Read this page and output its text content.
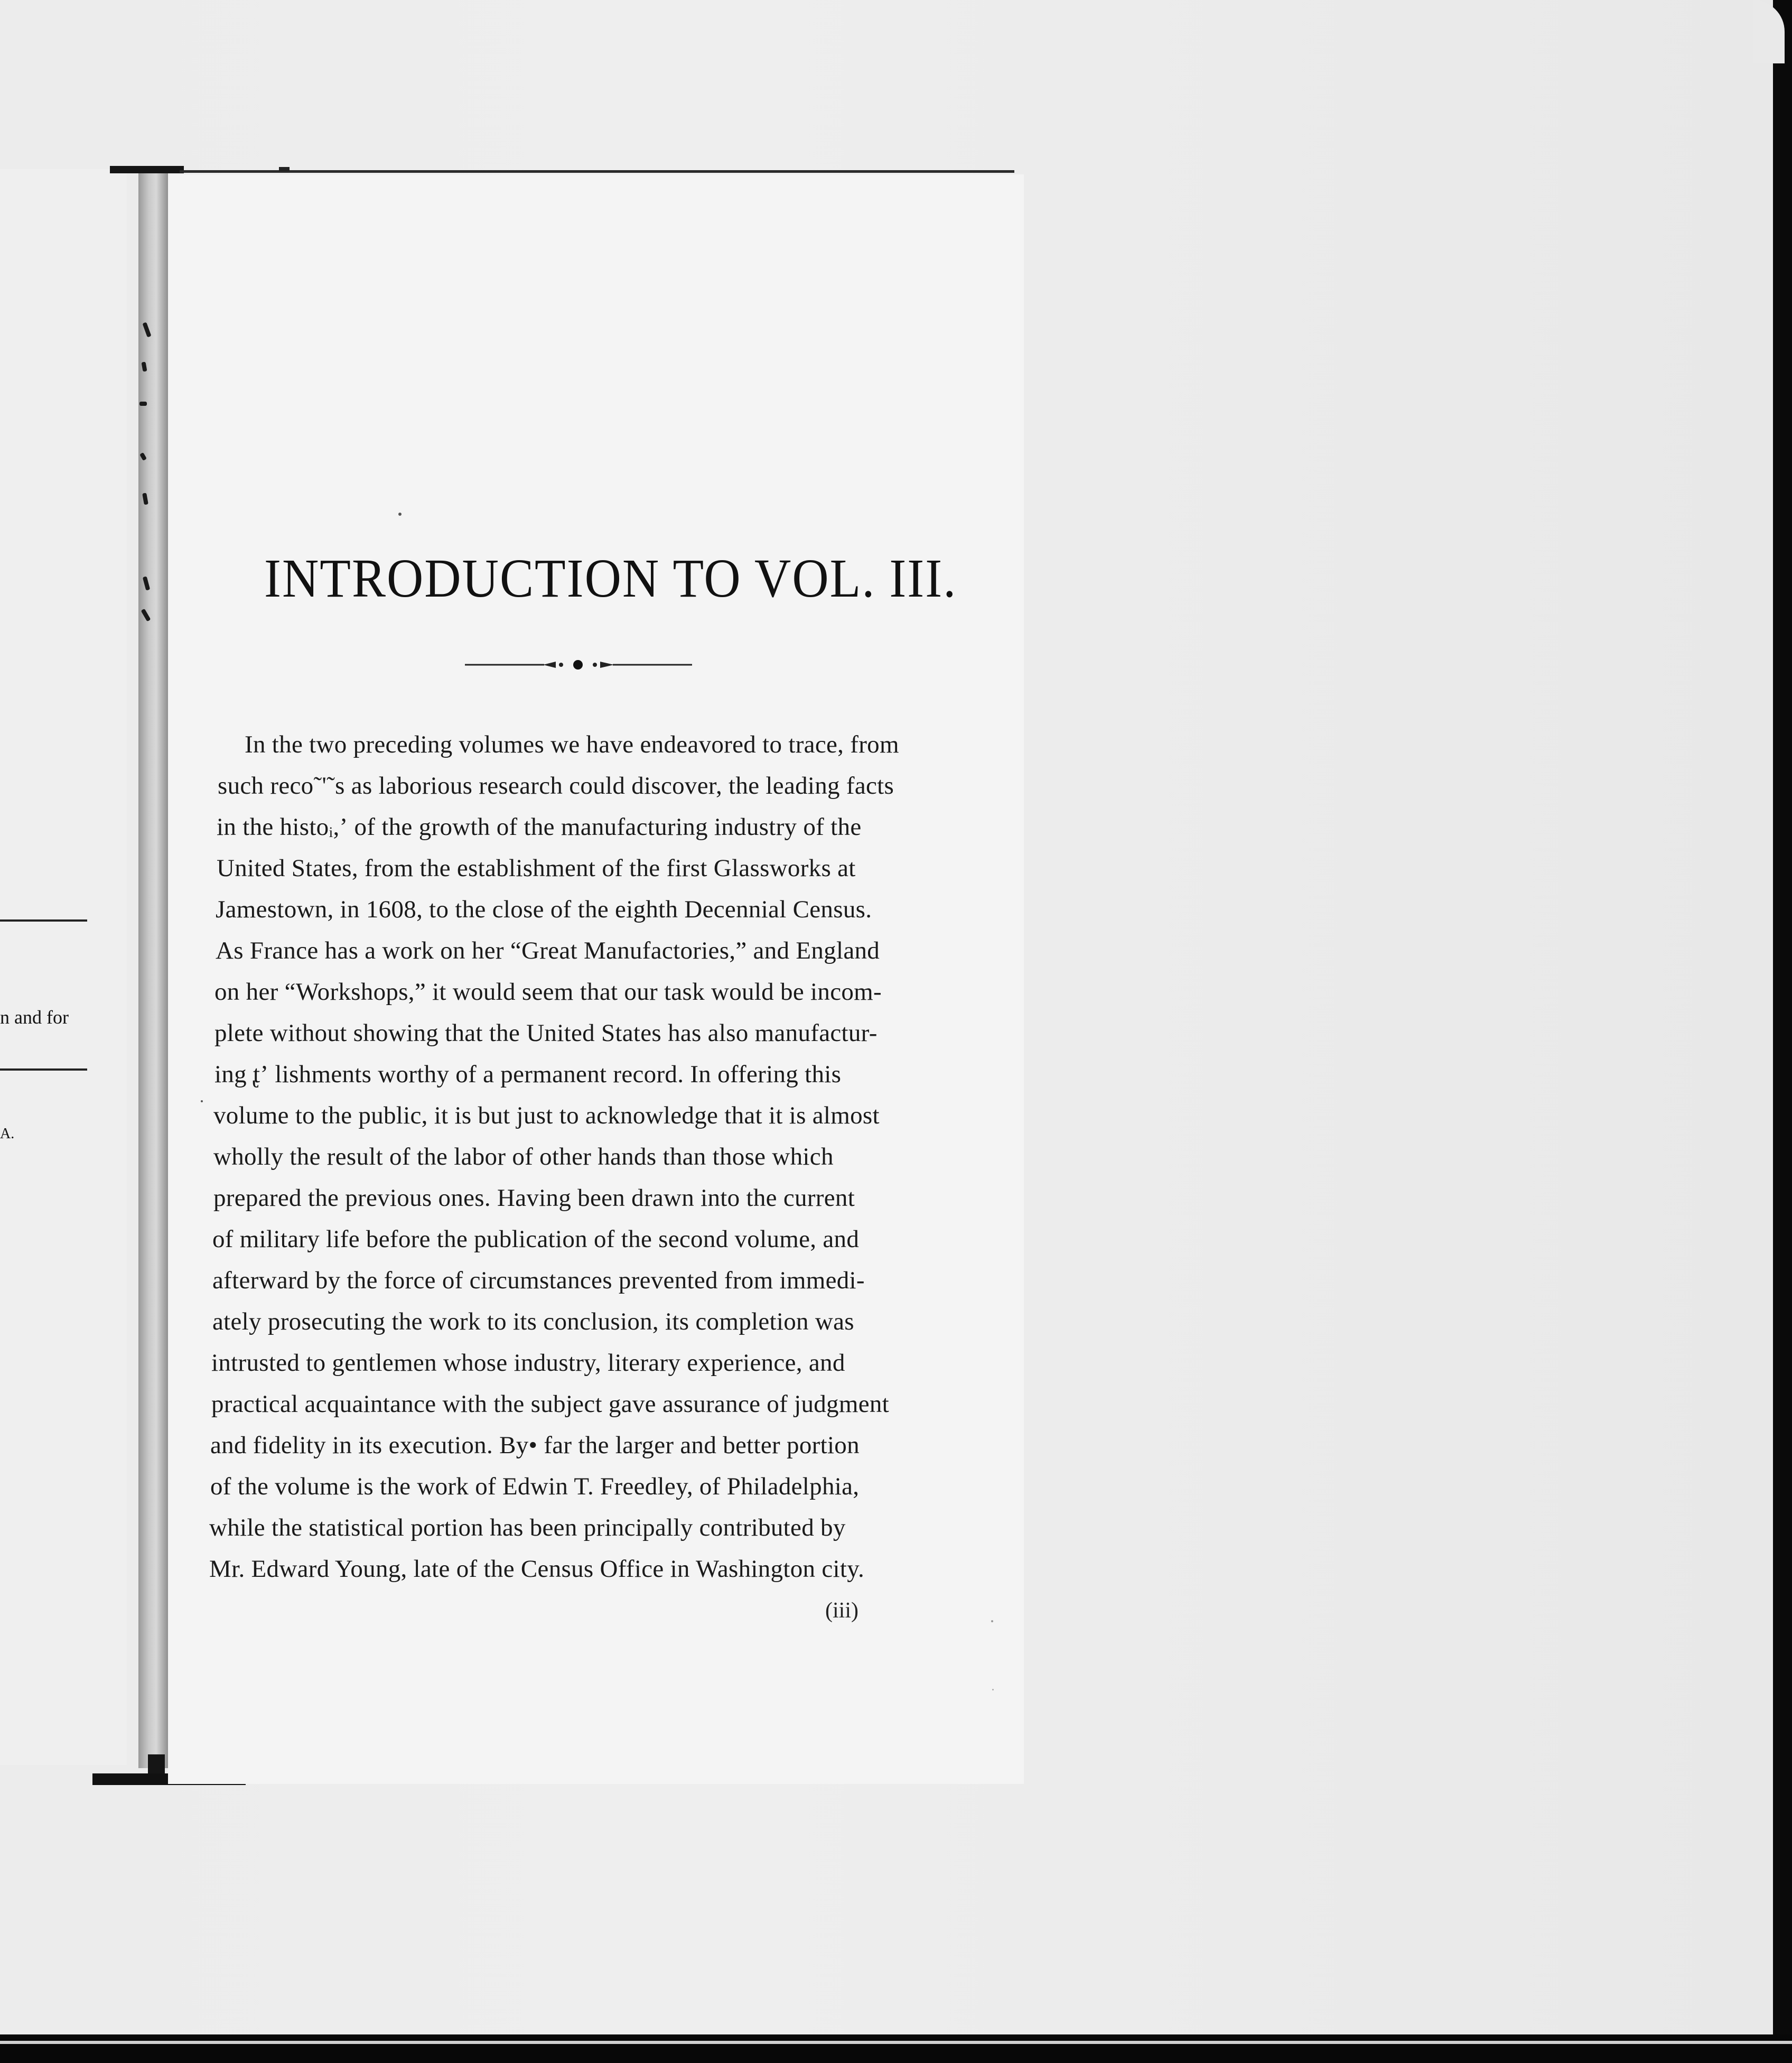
n and for
A.
INTRODUCTION TO VOL. III.
In the two preceding volumes we have endeavored to trace, from
such reco˜'˜s as laborious research could discover, the leading facts
in the histoᵢ,ʼ of the growth of the manufacturing industry of the
United States, from the establishment of the first Glassworks at
Jamestown, in 1608, to the close of the eighth Decennial Census.
As France has a work on her “Great Manufactories,” and England
on her “Workshops,” it would seem that our task would be incom-
plete without showing that the United States has also manufactur-
ing ̢tʼ lishments worthy of a permanent record. In offering this
volume to the public, it is but just to acknowledge that it is almost
wholly the result of the labor of other hands than those which
prepared the previous ones. Having been drawn into the current
of military life before the publication of the second volume, and
afterward by the force of circumstances prevented from immedi-
ately prosecuting the work to its conclusion, its completion was
intrusted to gentlemen whose industry, literary experience, and
practical acquaintance with the subject gave assurance of judgment
and fidelity in its execution. By• far the larger and better portion
of the volume is the work of Edwin T. Freedley, of Philadelphia,
while the statistical portion has been principally contributed by
Mr. Edward Young, late of the Census Office in Washington city.
(iii)
